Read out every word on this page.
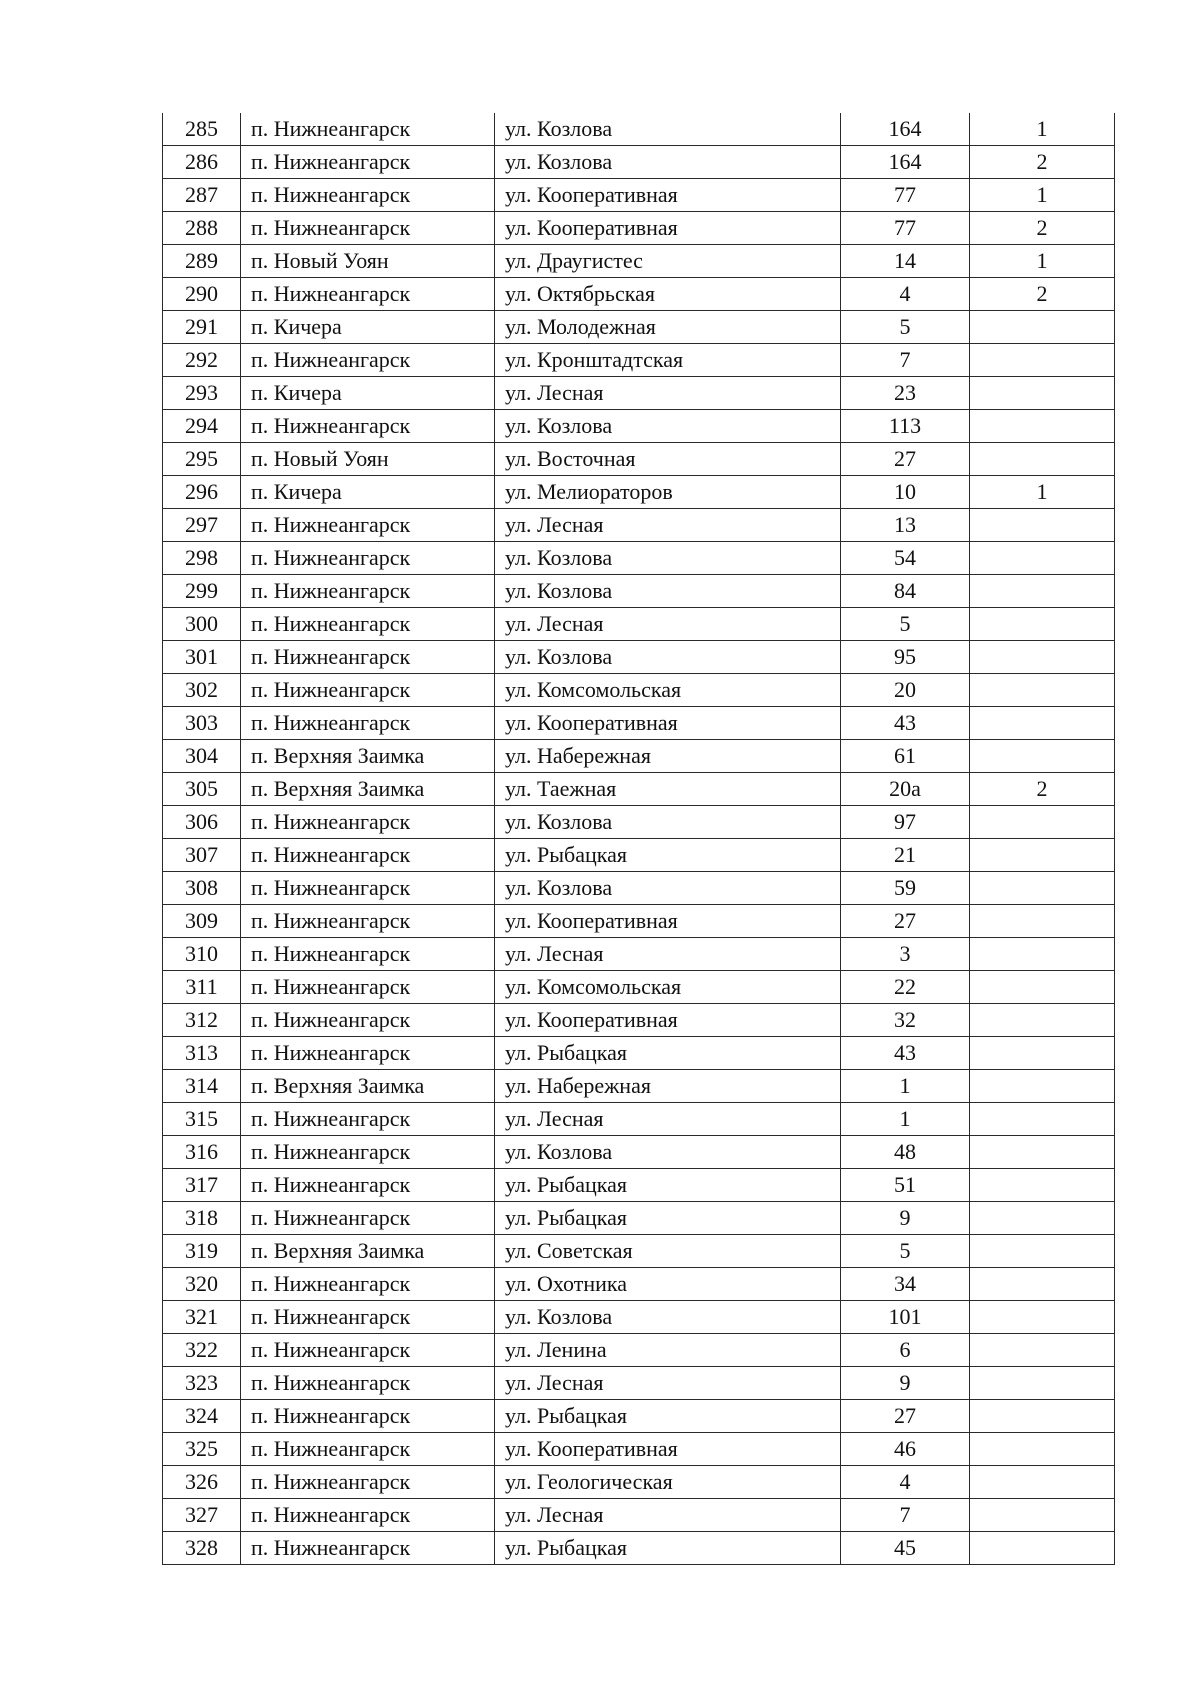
285	п. Нижнеангарск	ул. Козлова	164	1
286	п. Нижнеангарск	ул. Козлова	164	2
287	п. Нижнеангарск	ул. Кооперативная	77	1
288	п. Нижнеангарск	ул. Кооперативная	77	2
289	п. Новый Уоян	ул. Драугистес	14	1
290	п. Нижнеангарск	ул. Октябрьская	4	2
291	п. Кичера	ул. Молодежная	5	
292	п. Нижнеангарск	ул. Кронштадтская	7	
293	п. Кичера	ул. Лесная	23	
294	п. Нижнеангарск	ул. Козлова	113	
295	п. Новый Уоян	ул. Восточная	27	
296	п. Кичера	ул. Мелиораторов	10	1
297	п. Нижнеангарск	ул. Лесная	13	
298	п. Нижнеангарск	ул. Козлова	54	
299	п. Нижнеангарск	ул. Козлова	84	
300	п. Нижнеангарск	ул. Лесная	5	
301	п. Нижнеангарск	ул. Козлова	95	
302	п. Нижнеангарск	ул. Комсомольская	20	
303	п. Нижнеангарск	ул. Кооперативная	43	
304	п. Верхняя Заимка	ул. Набережная	61	
305	п. Верхняя Заимка	ул. Таежная	20а	2
306	п. Нижнеангарск	ул. Козлова	97	
307	п. Нижнеангарск	ул. Рыбацкая	21	
308	п. Нижнеангарск	ул. Козлова	59	
309	п. Нижнеангарск	ул. Кооперативная	27	
310	п. Нижнеангарск	ул. Лесная	3	
311	п. Нижнеангарск	ул. Комсомольская	22	
312	п. Нижнеангарск	ул. Кооперативная	32	
313	п. Нижнеангарск	ул. Рыбацкая	43	
314	п. Верхняя Заимка	ул. Набережная	1	
315	п. Нижнеангарск	ул. Лесная	1	
316	п. Нижнеангарск	ул. Козлова	48	
317	п. Нижнеангарск	ул. Рыбацкая	51	
318	п. Нижнеангарск	ул. Рыбацкая	9	
319	п. Верхняя Заимка	ул. Советская	5	
320	п. Нижнеангарск	ул. Охотника	34	
321	п. Нижнеангарск	ул. Козлова	101	
322	п. Нижнеангарск	ул. Ленина	6	
323	п. Нижнеангарск	ул. Лесная	9	
324	п. Нижнеангарск	ул. Рыбацкая	27	
325	п. Нижнеангарск	ул. Кооперативная	46	
326	п. Нижнеангарск	ул. Геологическая	4	
327	п. Нижнеангарск	ул. Лесная	7	
328	п. Нижнеангарск	ул. Рыбацкая	45	
